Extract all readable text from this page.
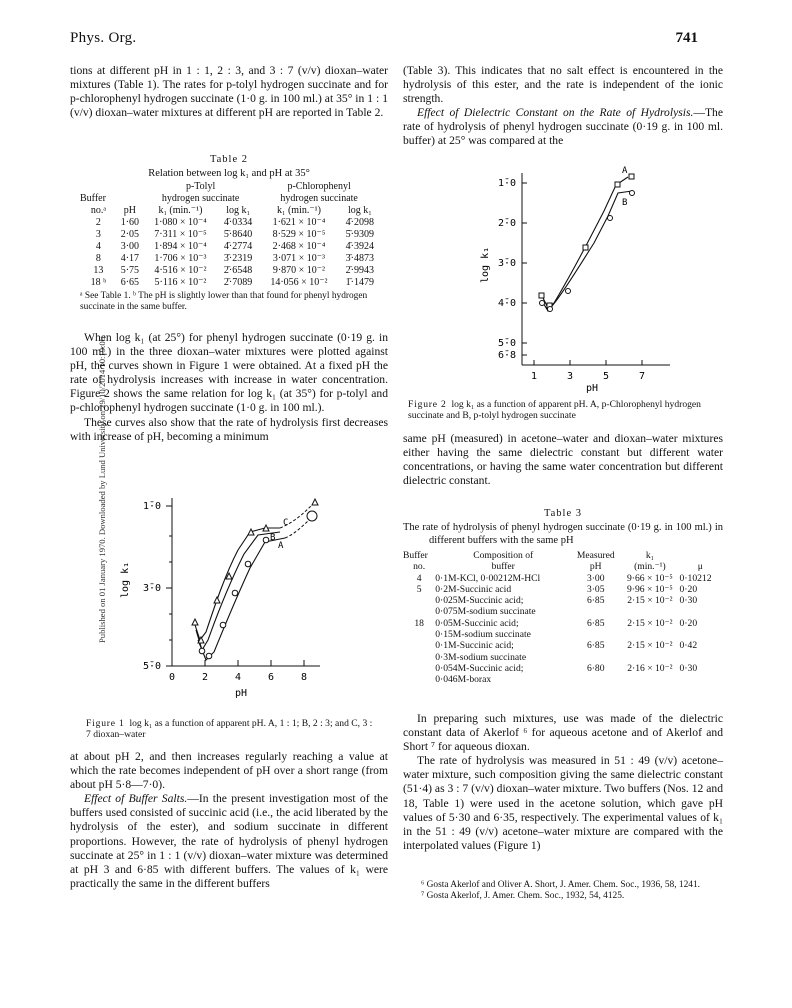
Published on 01 January 1970. Downloaded by Lund University on 29/10/2014 10:19:06.
Phys. Org.	741

tions at different pH in 1 : 1, 2 : 3, and 3 : 7 (v/v) dioxan–water mixtures (Table 1). The rates for p-tolyl hydrogen succinate and for p-chlorophenyl hydrogen succinate (1·0 g. in 100 ml.) at 35° in 1 : 1 (v/v) dioxan–water mixtures at different pH are reported in Table 2.

Table 2
Relation between log k₁ and pH at 35°
		p-Tolyl		p-Chlorophenyl	
Buffer		hydrogen succinate		hydrogen succinate	
no.ᵃ	pH	k₁ (min.⁻¹)	log k₁	k₁ (min.⁻¹)	log k₁
2	1·60	1·080 × 10⁻⁴	4̄·0334	1·621 × 10⁻⁴	4̄·2098
3	2·05	7·311 × 10⁻⁵	5̄·8640	8·529 × 10⁻⁵	5̄·9309
4	3·00	1·894 × 10⁻⁴	4̄·2774	2·468 × 10⁻⁴	4̄·3924
8	4·17	1·706 × 10⁻³	3̄·2319	3·071 × 10⁻³	3̄·4873
13	5·75	4·516 × 10⁻²	2̄·6548	9·870 × 10⁻²	2̄·9943
18 ᵇ	6·65	5·116 × 10⁻²	2̄·7089	14·056 × 10⁻²	1̄·1479
ᵃ See Table 1. ᵇ The pH is slightly lower than that found for phenyl hydrogen succinate in the same buffer.

When log k₁ (at 25°) for phenyl hydrogen succinate (0·19 g. in 100 ml.) in the three dioxan–water mixtures were plotted against pH, the curves shown in Figure 1 were obtained. At a fixed pH the rate of hydrolysis increases with increase in water concentration. Figure 2 shows the same relation for log k₁ (at 35°) for p-tolyl and p-chlorophenyl hydrogen succinate (1·0 g. in 100 ml.).

These curves also show that the rate of hydrolysis first decreases with increase of pH, becoming a minimum

1̄·0
3̄·0
5̄·0
log k₁
0	2	4	6	8
pH
C
B
A
Figure 1 log k₁ as a function of apparent pH. A, 1 : 1; B, 2 : 3; and C, 3 : 7 dioxan–water

at about pH 2, and then increases regularly reaching a value at which the rate becomes independent of pH over a short range (from about pH 5·8—7·0).

Effect of Buffer Salts.—In the present investigation most of the buffers used consisted of succinic acid (i.e., the acid liberated by the hydrolysis of the ester), and sodium succinate in different proportions. However, the rate of hydrolysis of phenyl hydrogen succinate at 25° in 1 : 1 (v/v) dioxan–water mixture was determined at pH 3 and 6·85 with different buffers. The values of k₁ were practically the same in the different buffers

(Table 3). This indicates that no salt effect is encountered in the hydrolysis of this ester, and the rate is independent of the ionic strength.

Effect of Dielectric Constant on the Rate of Hydrolysis.—The rate of hydrolysis of phenyl hydrogen succinate (0·19 g. in 100 ml. buffer) at 25° was compared at the

1̄·0
2̄·0
3̄·0
4̄·0
5̄·0
6̄·8
log k₁
1	3	5	7
pH
A
B
Figure 2 log k₁ as a function of apparent pH. A, p-Chlorophenyl hydrogen succinate and B, p-tolyl hydrogen succinate

same pH (measured) in acetone–water and dioxan–water mixtures either having the same dielectric constant but different water concentrations, or having the same water concentration but different dielectric constant.

Table 3
The rate of hydrolysis of phenyl hydrogen succinate (0·19 g. in 100 ml.) in different buffers with the same pH
Buffer	Composition of	Measured	k₁	
no.	buffer	pH	(min.⁻¹)	μ
4	0·1M-KCl, 0·00212M-HCl	3·00	9·66 × 10⁻⁵	0·10212
5	0·2M-Succinic acid	3·05	9·96 × 10⁻⁵	0·20
	0·025M-Succinic acid;	6·85	2·15 × 10⁻²	0·30
	0·075M-sodium succinate			
18	0·05M-Succinic acid;	6·85	2·15 × 10⁻²	0·20
	0·15M-sodium succinate			
	0·1M-Succinic acid;	6·85	2·15 × 10⁻²	0·42
	0·3M-sodium succinate			
	0·054M-Succinic acid;	6·80	2·16 × 10⁻²	0·30
	0·046M-borax			

In preparing such mixtures, use was made of the dielectric constant data of Akerlof ⁶ for aqueous acetone and of Akerlof and Short ⁷ for aqueous dioxan.

The rate of hydrolysis was measured in 51 : 49 (v/v) acetone–water mixture, such composition giving the same dielectric constant (51·4) as 3 : 7 (v/v) dioxan–water mixture. Two buffers (Nos. 12 and 18, Table 1) were used in the acetone solution, which gave pH values of 5·30 and 6·35, respectively. The experimental values of k₁ in the 51 : 49 (v/v) acetone–water mixture are compared with the interpolated values (Figure 1)

⁶ Gosta Akerlof and Oliver A. Short, J. Amer. Chem. Soc., 1936, 58, 1241.
⁷ Gosta Akerlof, J. Amer. Chem. Soc., 1932, 54, 4125.
